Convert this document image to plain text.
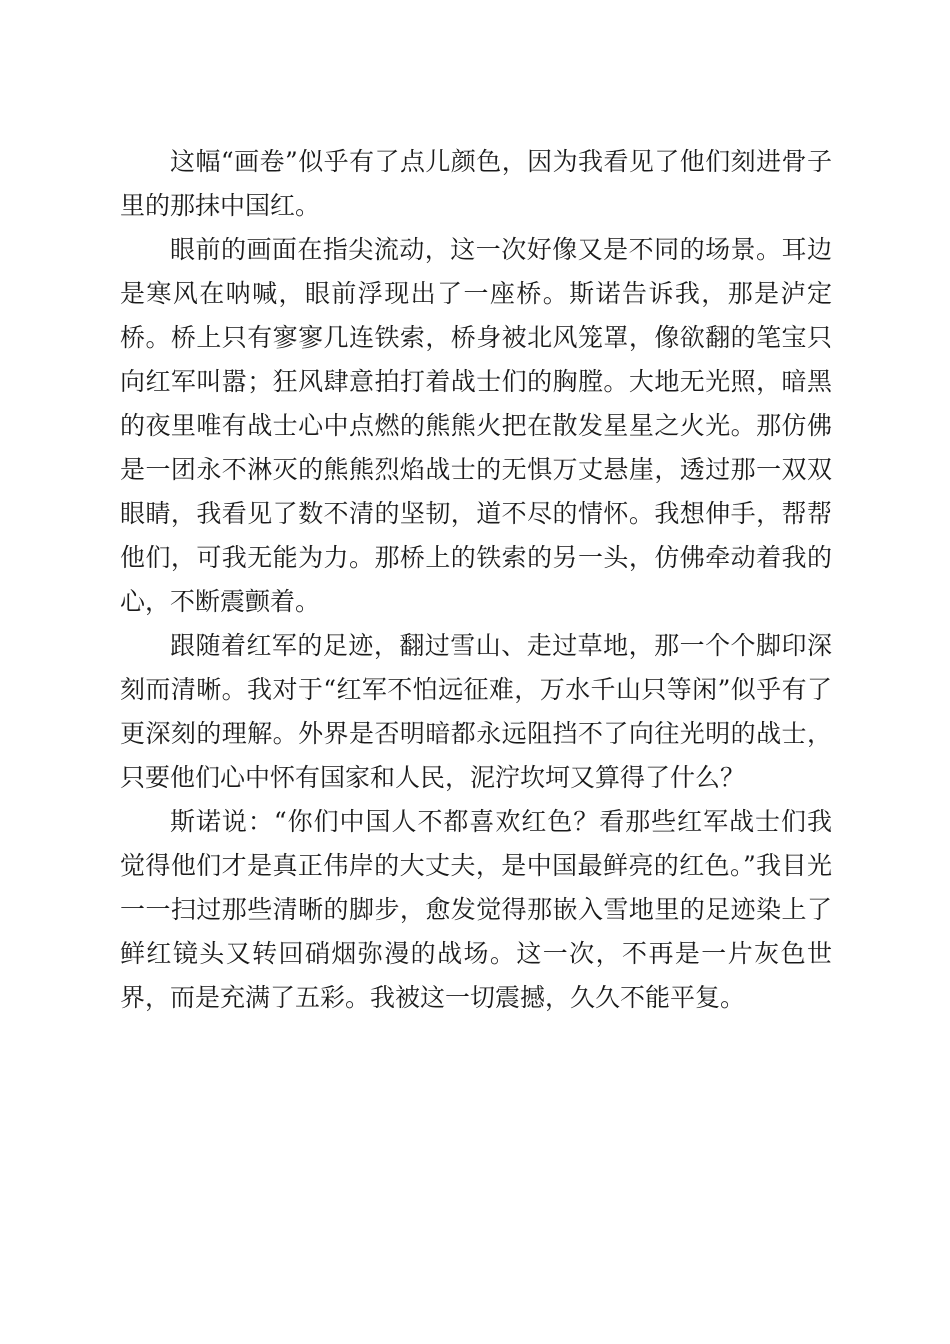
这幅“画卷”似乎有了点儿颜色，因为我看见了他们刻进骨子里的那抹中国红。

眼前的画面在指尖流动，这一次好像又是不同的场景。耳边是寒风在呐喊，眼前浮现出了一座桥。斯诺告诉我，那是泸定桥。桥上只有寥寥几连铁索，桥身被北风笼罩，像欲翻的笔宝只向红军叫嚣；狂风肆意拍打着战士们的胸膛。大地无光照，暗黑的夜里唯有战士心中点燃的熊熊火把在散发星星之火光。那仿佛是一团永不淋灭的熊熊烈焰战士的无惧万丈悬崖，透过那一双双眼睛，我看见了数不清的坚韧，道不尽的情怀。我想伸手，帮帮他们，可我无能为力。那桥上的铁索的另一头，仿佛牵动着我的心，不断震颤着。

跟随着红军的足迹，翻过雪山、走过草地，那一个个脚印深刻而清晰。我对于“红军不怕远征难，万水千山只等闲”似乎有了更深刻的理解。外界是否明暗都永远阻挡不了向往光明的战士，只要他们心中怀有国家和人民，泥泞坎坷又算得了什么？

斯诺说：“你们中国人不都喜欢红色？看那些红军战士们我觉得他们才是真正伟岸的大丈夫，是中国最鲜亮的红色。”我目光一一扫过那些清晰的脚步，愈发觉得那嵌入雪地里的足迹染上了鲜红镜头又转回硝烟弥漫的战场。这一次，不再是一片灰色世界，而是充满了五彩。我被这一切震撼，久久不能平复。
